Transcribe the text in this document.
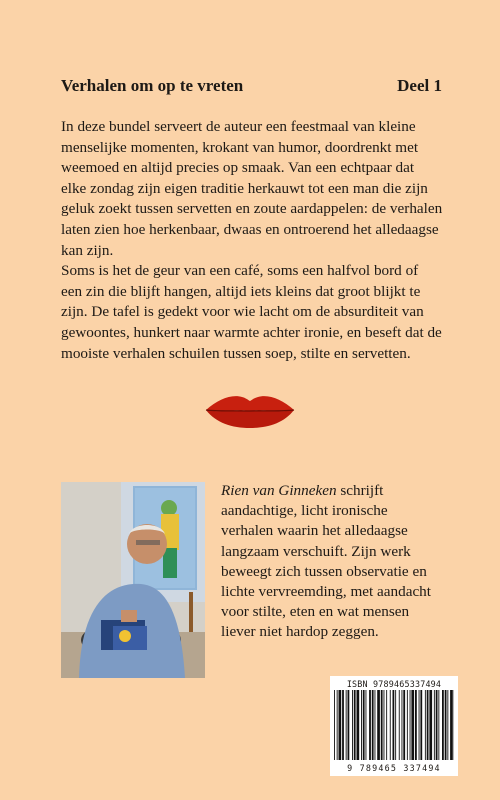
Verhalen om op te vreten	Deel 1

In deze bundel serveert de auteur een feestmaal van kleine menselijke momenten, krokant van humor, doordrenkt met weemoed en altijd precies op smaak. Van een echtpaar dat elke zondag zijn eigen traditie herkauwt tot een man die zijn geluk zoekt tussen servetten en zoute aardappelen: de verhalen laten zien hoe herkenbaar, dwaas en ontroerend het alledaagse kan zijn.

Soms is het de geur van een café, soms een halfvol bord of een zin die blijft hangen, altijd iets kleins dat groot blijkt te zijn. De tafel is gedekt voor wie lacht om de absurditeit van gewoontes, hunkert naar warmte achter ironie, en beseft dat de mooiste verhalen schuilen tussen soep, stilte en servetten.

Rien van Ginneken schrijft aandachtige, licht ironische verhalen waarin het alledaagse langzaam verschuift. Zijn werk beweegt zich tussen observatie en lichte vervreemding, met aandacht voor stilte, eten en wat mensen liever niet hardop zeggen.

ISBN 9789465337494
9 789465 337494
